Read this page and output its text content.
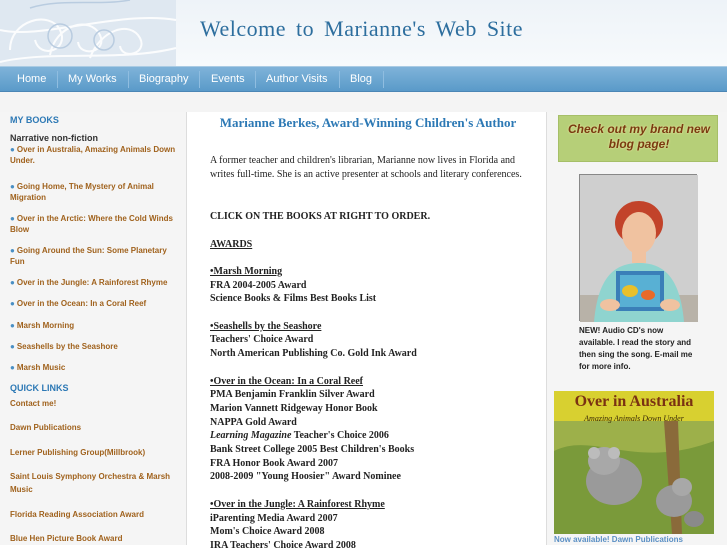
Welcome to Marianne's Web Site
Home	My Works	Biography	Events	Author Visits	Blog
MY BOOKS
Narrative non-fiction
● Over in Australia, Amazing Animals Down Under.
● Going Home, The Mystery of Animal Migration
● Over in the Arctic: Where the Cold Winds Blow
● Going Around the Sun: Some Planetary Fun
● Over in the Jungle: A Rainforest Rhyme
● Over in the Ocean: In a Coral Reef
● Marsh Morning
● Seashells by the Seashore
● Marsh Music
QUICK LINKS
Contact me!
Dawn Publications
Lerner Publishing Group(Millbrook)
Saint Louis Symphony Orchestra & Marsh Music
Florida Reading Association Award
Blue Hen Picture Book Award
Marianne Berkes, Award-Winning Children's Author
A former teacher and children's librarian, Marianne now lives in Florida and writes full-time. She is an active presenter at schools and literary conferences.
CLICK ON THE BOOKS AT RIGHT TO ORDER.
AWARDS
•Marsh Morning
FRA 2004-2005 Award
Science Books & Films Best Books List
•Seashells by the Seashore
Teachers' Choice Award
North American Publishing Co. Gold Ink Award
•Over in the Ocean: In a Coral Reef
PMA Benjamin Franklin Silver Award
Marion Vannett Ridgeway Honor Book
NAPPA Gold Award
Learning Magazine Teacher's Choice 2006
Bank Street College 2005 Best Children's Books
FRA Honor Book Award 2007
2008-2009 "Young Hoosier" Award Nominee
•Over in the Jungle: A Rainforest Rhyme
iParenting Media Award 2007
Mom's Choice Award 2008
IRA Teachers' Choice Award 2008
Check out my brand new blog page!
NEW! Audio CD's now available. I read the story and then sing the song. E-mail me for more info.
Over in Australia
Amazing Animals Down Under
Now available! Dawn Publications
